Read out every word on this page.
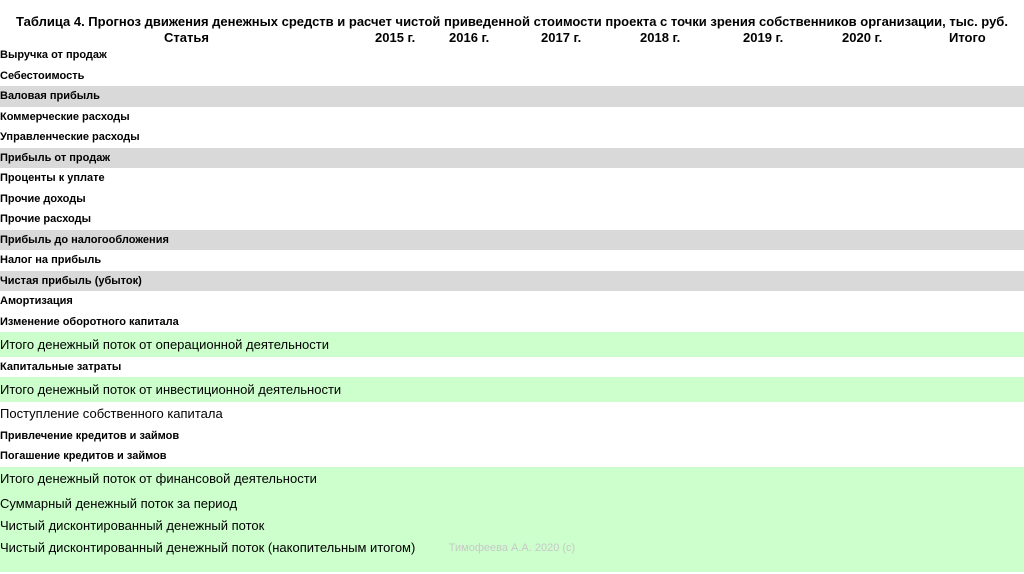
Таблица 4. Прогноз движения денежных средств и расчет чистой приведенной стоимости проекта с точки зрения собственников организации, тыс. руб.
Статья	2015 г.	2016 г.	2017 г.	2018 г.	2019 г.	2020 г.	Итого
Выручка от продаж
Себестоимость
Валовая прибыль
Коммерческие расходы
Управленческие расходы
Прибыль от продаж
Проценты к уплате
Прочие доходы
Прочие расходы
Прибыль до налогообложения
Налог на прибыль
Чистая прибыль (убыток)
Амортизация
Изменение оборотного капитала
Итого денежный поток от операционной деятельности
Капитальные затраты
Итого денежный поток от инвестиционной деятельности
Поступление собственного капитала
Привлечение кредитов и займов
Погашение кредитов и займов
Итого денежный поток от финансовой деятельности
Суммарный денежный поток за период
Чистый дисконтированный денежный поток
Чистый дисконтированный денежный поток (накопительным итогом)	Тимофеева А.А. 2020 (с)
